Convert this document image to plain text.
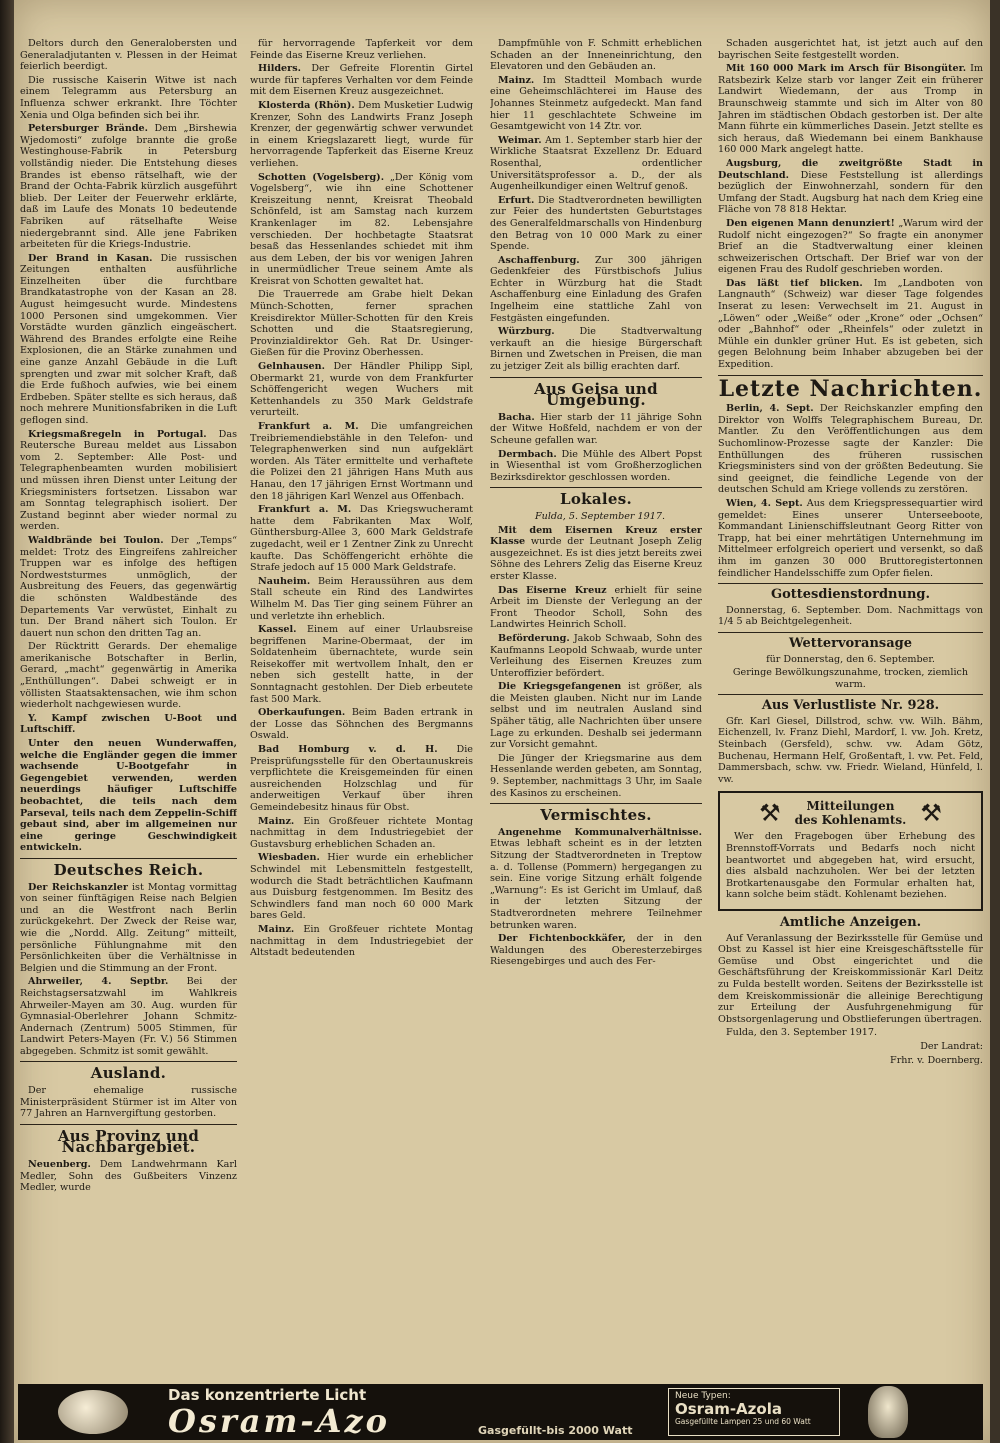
Deltors durch den Generalobersten und Generaladjutanten v. Plessen in der Heimat feierlich beerdigt.

Die russische Kaiserin Witwe ist nach einem Telegramm aus Petersburg an Influenza schwer erkrankt. Ihre Töchter Xenia und Olga befinden sich bei ihr.

Petersburger Brände. Dem „Birshewia Wjedomosti“ zufolge brannte die große Westinghouse-Fabrik in Petersburg vollständig nieder. Die Entstehung dieses Brandes ist ebenso rätselhaft, wie der Brand der Ochta-Fabrik kürzlich ausgeführt blieb. Der Leiter der Feuerwehr erklärte, daß im Laufe des Monats 10 bedeutende Fabriken auf rätselhafte Weise niedergebrannt sind. Alle jene Fabriken arbeiteten für die Kriegs-Industrie.

Der Brand in Kasan. Die russischen Zeitungen enthalten ausführliche Einzelheiten über die furchtbare Brandkatastrophe von der Kasan an 28. August heimgesucht wurde. Mindestens 1000 Personen sind umgekommen. Vier Vorstädte wurden gänzlich eingeäschert. Während des Brandes erfolgte eine Reihe Explosionen, die an Stärke zunahmen und eine ganze Anzahl Gebäude in die Luft sprengten und zwar mit solcher Kraft, daß die Erde fußhoch aufwies, wie bei einem Erdbeben. Später stellte es sich heraus, daß noch mehrere Munitionsfabriken in die Luft geflogen sind.

Kriegsmaßregeln in Portugal. Das Reutersche Bureau meldet aus Lissabon vom 2. September: Alle Post- und Telegraphenbeamten wurden mobilisiert und müssen ihren Dienst unter Leitung der Kriegsministers fortsetzen. Lissabon war am Sonntag telegraphisch isoliert. Der Zustand beginnt aber wieder normal zu werden.

Waldbrände bei Toulon. Der „Temps“ meldet: Trotz des Eingreifens zahlreicher Truppen war es infolge des heftigen Nordweststurmes unmöglich, der Ausbreitung des Feuers, das gegenwärtig die schönsten Waldbestände des Departements Var verwüstet, Einhalt zu tun. Der Brand nähert sich Toulon. Er dauert nun schon den dritten Tag an.

Der Rücktritt Gerards. Der ehemalige amerikanische Botschafter in Berlin, Gerard, „macht“ gegenwärtig in Amerika „Enthüllungen“. Dabei schweigt er in völlisten Staatsaktensachen, wie ihm schon wiederholt nachgewiesen wurde.

Y. Kampf zwischen U-Boot und Luftschiff.

Unter den neuen Wunderwaffen, welche die Engländer gegen die immer wachsende U-Bootgefahr in Gegengebiet verwenden, werden neuerdings häufiger Luftschiffe beobachtet, die teils nach dem Parseval, teils nach dem Zeppelin-Schiff gebaut sind, aber im allgemeinen nur eine geringe Geschwindigkeit entwickeln.

Deutsches Reich.

Der Reichskanzler ist Montag vormittag von seiner fünftägigen Reise nach Belgien und an die Westfront nach Berlin zurückgekehrt. Der Zweck der Reise war, wie die „Nordd. Allg. Zeitung“ mitteilt, persönliche Fühlungnahme mit den Persönlichkeiten über die Verhältnisse in Belgien und die Stimmung an der Front.

Ahrweiler, 4. Septbr. Bei der Reichstagsersatzwahl im Wahlkreis Ahrweiler-Mayen am 30. Aug. wurden für Gymnasial-Oberlehrer Johann Schmitz-Andernach (Zentrum) 5005 Stimmen, für Landwirt Peters-Mayen (Fr. V.) 56 Stimmen abgegeben. Schmitz ist somit gewählt.

Ausland.

Der ehemalige russische Ministerpräsident Stürmer ist im Alter von 77 Jahren an Harnvergiftung gestorben.

Aus Provinz und Nachbargebiet.

Neuenberg. Dem Landwehrmann Karl Medler, Sohn des Gußbeiters Vinzenz Medler, wurde

für hervorragende Tapferkeit vor dem Feinde das Eiserne Kreuz verliehen.

Hilders. Der Gefreite Florentin Girtel wurde für tapferes Verhalten vor dem Feinde mit dem Eisernen Kreuz ausgezeichnet.

Klosterda (Rhön). Dem Musketier Ludwig Krenzer, Sohn des Landwirts Franz Joseph Krenzer, der gegenwärtig schwer verwundet in einem Kriegslazarett liegt, wurde für hervorragende Tapferkeit das Eiserne Kreuz verliehen.

Schotten (Vogelsberg). „Der König vom Vogelsberg“, wie ihn eine Schottener Kreiszeitung nennt, Kreisrat Theobald Schönfeld, ist am Samstag nach kurzem Krankenlager im 82. Lebensjahre verschieden. Der hochbetagte Staatsrat besaß das Hessenlandes schiedet mit ihm aus dem Leben, der bis vor wenigen Jahren in unermüdlicher Treue seinem Amte als Kreisrat von Schotten gewaltet hat.

Die Trauerrede am Grabe hielt Dekan Münch-Schotten, ferner sprachen Kreisdirektor Müller-Schotten für den Kreis Schotten und die Staatsregierung, Provinzialdirektor Geh. Rat Dr. Usinger-Gießen für die Provinz Oberhessen.

Gelnhausen. Der Händler Philipp Sipl, Obermarkt 21, wurde von dem Frankfurter Schöffengericht wegen Wuchers mit Kettenhandels zu 350 Mark Geldstrafe verurteilt.

Frankfurt a. M. Die umfangreichen Treibriemendiebstähle in den Telefon- und Telegraphenwerken sind nun aufgeklärt worden. Als Täter ermittelte und verhaftete die Polizei den 21 jährigen Hans Muth aus Hanau, den 17 jährigen Ernst Wortmann und den 18 jährigen Karl Wenzel aus Offenbach.

Frankfurt a. M. Das Kriegswucheramt hatte dem Fabrikanten Max Wolf, Günthersburg-Allee 3, 600 Mark Geldstrafe zugedacht, weil er 1 Zentner Zink zu Unrecht kaufte. Das Schöffengericht erhöhte die Strafe jedoch auf 15 000 Mark Geldstrafe.

Nauheim. Beim Heraussühren aus dem Stall scheute ein Rind des Landwirtes Wilhelm M. Das Tier ging seinem Führer an und verletzte ihn erheblich.

Kassel. Einem auf einer Urlaubsreise begriffenen Marine-Obermaat, der im Soldatenheim übernachtete, wurde sein Reisekoffer mit wertvollem Inhalt, den er neben sich gestellt hatte, in der Sonntagnacht gestohlen. Der Dieb erbeutete fast 500 Mark.

Oberkaufungen. Beim Baden ertrank in der Losse das Söhnchen des Bergmanns Oswald.

Bad Homburg v. d. H. Die Preisprüfungsstelle für den Obertaunuskreis verpflichtete die Kreisgemeinden für einen ausreichenden Holzschlag und für anderweitigen Verkauf über ihren Gemeindebesitz hinaus für Obst.

Mainz. Ein Großfeuer richtete Montag nachmittag in dem Industriegebiet der Gustavsburg erheblichen Schaden an.

Wiesbaden. Hier wurde ein erheblicher Schwindel mit Lebensmitteln festgestellt, wodurch die Stadt beträchtlichen Kaufmann aus Duisburg festgenommen. Im Besitz des Schwindlers fand man noch 60 000 Mark bares Geld.

Mainz. Ein Großfeuer richtete Montag nachmittag in dem Industriegebiet der Altstadt bedeutenden

Dampfmühle von F. Schmitt erheblichen Schaden an der Inneneinrichtung, den Elevatoren und den Gebäuden an.

Mainz. Im Stadtteil Mombach wurde eine Geheimschlächterei im Hause des Johannes Steinmetz aufgedeckt. Man fand hier 11 geschlachtete Schweine im Gesamtgewicht von 14 Ztr. vor.

Weimar. Am 1. September starb hier der Wirkliche Staatsrat Exzellenz Dr. Eduard Rosenthal, ordentlicher Universitätsprofessor a. D., der als Augenheilkundiger einen Weltruf genoß.

Erfurt. Die Stadtverordneten bewilligten zur Feier des hundertsten Geburtstages des Generalfeldmarschalls von Hindenburg den Betrag von 10 000 Mark zu einer Spende.

Aschaffenburg. Zur 300 jährigen Gedenkfeier des Fürstbischofs Julius Echter in Würzburg hat die Stadt Aschaffenburg eine Einladung des Grafen Ingelheim eine stattliche Zahl von Festgästen eingefunden.

Würzburg.	Die Stadtverwaltung verkauft an die hiesige Bürgerschaft Birnen und Zwetschen in Preisen, die man zu jetziger Zeit als billig erachten darf.

Aus Geisa und Umgebung.

Bacha. Hier starb der 11 jährige Sohn der Witwe Hoßfeld, nachdem er von der Scheune gefallen war.

Dermbach. Die Mühle des Albert Popst in Wiesenthal ist vom Großherzoglichen Bezirksdirektor geschlossen worden.

Lokales.

Fulda, 5. September 1917.

Mit dem Eisernen Kreuz erster Klasse wurde der Leutnant Joseph Zelig ausgezeichnet. Es ist dies jetzt bereits zwei Söhne des Lehrers Zelig das Eiserne Kreuz erster Klasse.

Das Eiserne Kreuz erhielt für seine Arbeit im Dienste der Verlegung an der Front Theodor Scholl, Sohn des Landwirtes Heinrich Scholl.

Beförderung. Jakob Schwaab, Sohn des Kaufmanns Leopold Schwaab, wurde unter Verleihung des Eisernen Kreuzes zum Unteroffizier befördert.

Die Kriegsgefangenen ist größer, als die Meisten glauben. Nicht nur im Lande selbst und im neutralen Ausland sind Späher tätig, alle Nachrichten über unsere Lage zu erkunden. Deshalb sei jedermann zur Vorsicht gemahnt.

Die Jünger der Kriegsmarine aus dem Hessenlande werden gebeten, am Sonntag, 9. September, nachmittags 3 Uhr, im Saale des Kasinos zu erscheinen.

Vermischtes.

Angenehme Kommunalverhältnisse. Etwas lebhaft scheint es in der letzten Sitzung der Stadtverordneten in Treptow a. d. Tollense (Pommern) hergegangen zu sein. Eine vorige Sitzung erhält folgende „Warnung“: Es ist Gericht im Umlauf, daß in der letzten Sitzung der Stadtverordneten mehrere Teilnehmer betrunken waren.

Der Fichtenbockkäfer, der in den Waldungen des Oberesterzebirges Riesengebirges und auch des Fer-

Schaden ausgerichtet hat, ist jetzt auch auf den bayrischen Seite festgestellt worden.

Mit 160 000 Mark im Arsch für Bisongüter. Im Ratsbezirk Kelze starb vor langer Zeit ein früherer Landwirt Wiedemann, der aus Tromp in Braunschweig stammte und sich im Alter von 80 Jahren im städtischen Obdach gestorben ist. Der alte Mann führte ein kümmerliches Dasein. Jetzt stellte es sich heraus, daß Wiedemann bei einem Bankhause 160 000 Mark angelegt hatte.

Augsburg, die zweitgrößte Stadt in Deutschland. Diese Feststellung ist allerdings bezüglich der Einwohnerzahl, sondern für den Umfang der Stadt. Augsburg hat nach dem Krieg eine Fläche von 78 818 Hektar.

Den eigenen Mann denunziert! „Warum wird der Rudolf nicht eingezogen?“ So fragte ein anonymer Brief an die Stadtverwaltung einer kleinen schweizerischen Ortschaft. Der Brief war von der eigenen Frau des Rudolf geschrieben worden.

Das läßt tief blicken. Im „Landboten von Langnauth“ (Schweiz) war dieser Tage folgendes Inserat zu lesen: Verwechselt im 21. August in „Löwen“ oder „Weiße“ oder „Krone“ oder „Ochsen“ oder „Bahnhof“ oder „Rheinfels“ oder zuletzt in Mühle ein dunkler grüner Hut. Es ist gebeten, sich gegen Belohnung beim Inhaber abzugeben bei der Expedition.

Letzte Nachrichten.

Berlin, 4. Sept. Der Reichskanzler empfing den Direktor von Wolffs Telegraphischem Bureau, Dr. Mantler. Zu den Veröffentlichungen aus dem Suchomlinow-Prozesse sagte der Kanzler: Die Enthüllungen des früheren russischen Kriegsministers sind von der größten Bedeutung. Sie sind geeignet, die feindliche Legende von der deutschen Schuld am Kriege vollends zu zerstören.

Wien, 4. Sept. Aus dem Kriegspressequartier wird gemeldet: Eines unserer Unterseeboote, Kommandant Linienschiffsleutnant Georg Ritter von Trapp, hat bei einer mehrtätigen Unternehmung im Mittelmeer erfolgreich operiert und versenkt, so daß ihm im ganzen 30 000 Bruttoregistertonnen feindlicher Handelsschiffe zum Opfer fielen.

Gottesdienstordnung.

Donnerstag, 6. September. Dom. Nachmittags von 1/4 5 ab Beichtgelegenheit.

Wettervoransage

für Donnerstag, den 6. September.

Geringe Bewölkungszunahme, trocken, ziemlich warm.

Aus Verlustliste Nr. 928.

Gfr. Karl Giesel, Dillstrod, schw. vw. Wilh. Bähm, Eichenzell, lv. Franz Diehl, Mardorf, l. vw. Joh. Kretz, Steinbach (Gersfeld), schw. vw. Adam Götz, Buchenau, Hermann Helf, Großentaft, l. vw. Pet. Feld, Dammersbach, schw. vw. Friedr. Wieland, Hünfeld, l. vw.

⚒	Mitteilungen
des Kohlenamts. ⚒

Wer den Fragebogen über Erhebung des Brennstoff-Vorrats und Bedarfs noch nicht beantwortet und abgegeben hat, wird ersucht, dies alsbald nachzuholen. Wer bei der letzten Brotkartenausgabe den Formular erhalten hat, kann solche beim städt. Kohlenamt beziehen.

Amtliche Anzeigen.

Auf Veranlassung der Bezirksstelle für Gemüse und Obst zu Kassel ist hier eine Kreisgeschäftsstelle für Gemüse und Obst eingerichtet und die Geschäftsführung der Kreiskommissionär Karl Deitz zu Fulda bestellt worden. Seitens der Bezirksstelle ist dem Kreiskommissionär die alleinige Berechtigung zur Erteilung der Ausfuhrgenehmigung für Obstsorgenlagerung und Obstlieferungen übertragen.

Fulda, den 3. September 1917.

Der Landrat:

Frhr. v. Doernberg.

Das konzentrierte Licht
Osram-Azo	Gasgefüllt-bis 2000 Watt
Neue Typen:
Osram-Azola
Gasgefüllte Lampen 25 und 60 Watt
